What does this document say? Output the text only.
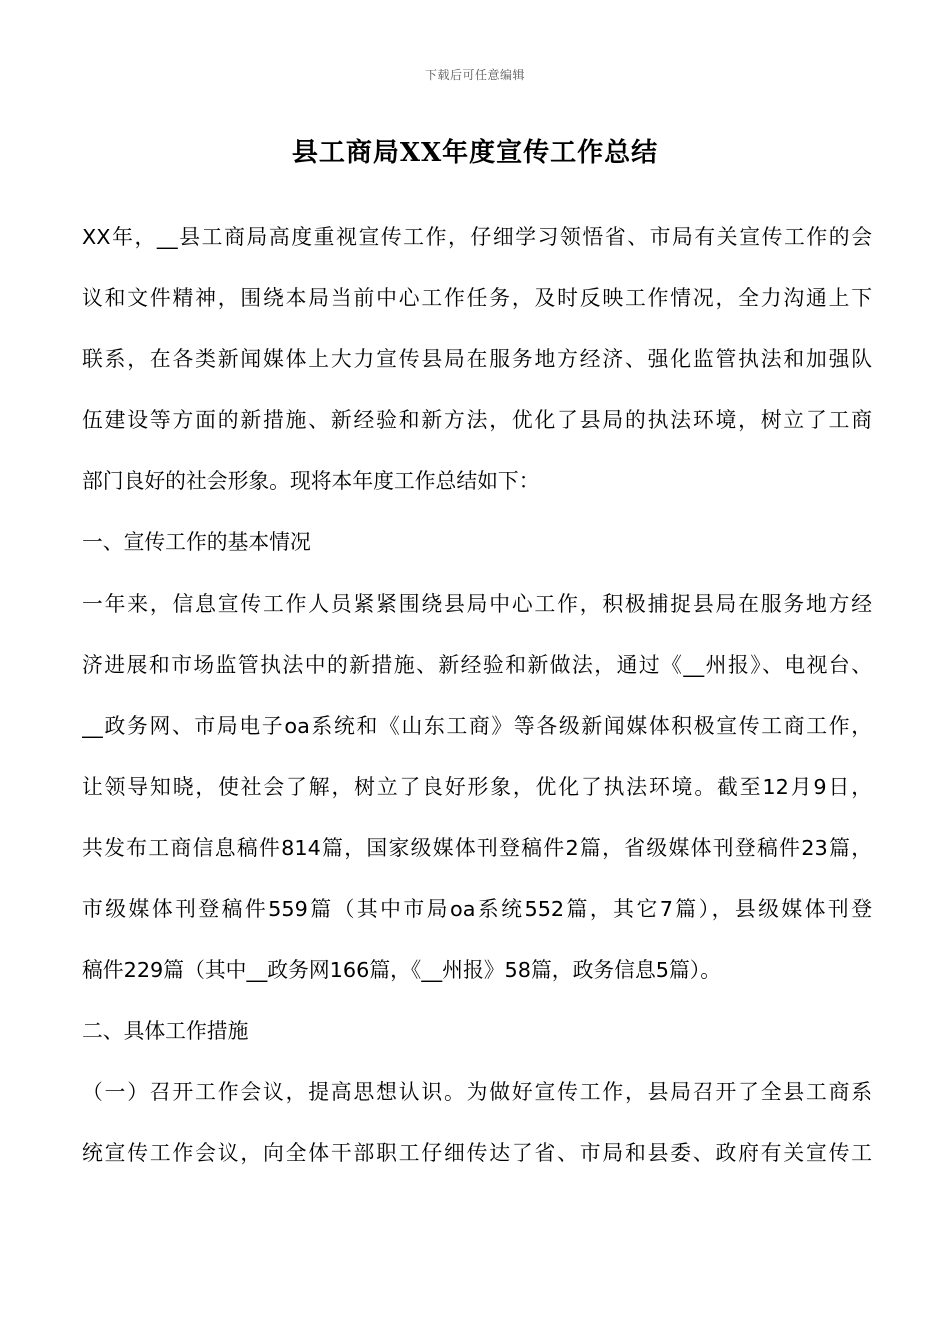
下载后可任意编辑
县工商局XX年度宣传工作总结
XX年，__县工商局高度重视宣传工作，仔细学习领悟省、市局有关宣传工作的会
议和文件精神，围绕本局当前中心工作任务，及时反映工作情况，全力沟通上下
联系，在各类新闻媒体上大力宣传县局在服务地方经济、强化监管执法和加强队
伍建设等方面的新措施、新经验和新方法，优化了县局的执法环境，树立了工商
部门良好的社会形象。现将本年度工作总结如下：
一、宣传工作的基本情况
一年来，信息宣传工作人员紧紧围绕县局中心工作，积极捕捉县局在服务地方经
济进展和市场监管执法中的新措施、新经验和新做法，通过《__州报》、电视台、
__政务网、市局电子oa系统和《山东工商》等各级新闻媒体积极宣传工商工作，
让领导知晓，使社会了解，树立了良好形象，优化了执法环境。截至12月9日，
共发布工商信息稿件814篇，国家级媒体刊登稿件2篇，省级媒体刊登稿件23篇，
市级媒体刊登稿件559篇（其中市局oa系统552篇，其它7篇），县级媒体刊登
稿件229篇（其中__政务网166篇，《__州报》58篇，政务信息5篇）。
二、具体工作措施
（一）召开工作会议，提高思想认识。为做好宣传工作，县局召开了全县工商系
统宣传工作会议，向全体干部职工仔细传达了省、市局和县委、政府有关宣传工
